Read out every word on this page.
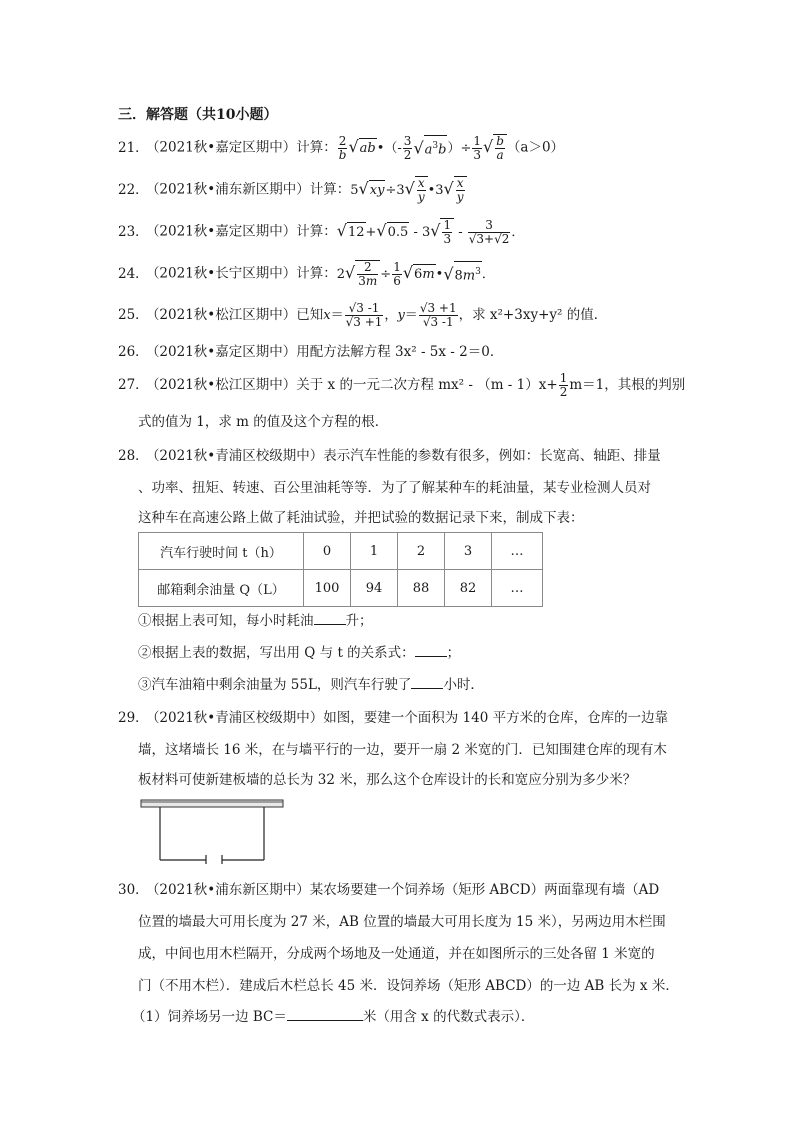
三．解答题（共10小题）
21． （2021秋•嘉定区期中）计算： $\frac{2}{b}$ √ab•（- $\frac{3}{2} √a^3b)\div \frac{1}{3}$ √ $\frac{b}{a} (a>0)$
22． （2021秋•浦东新区期中）计算：$5√xy\div 3√ \frac{x}{y}$ •3√ $\frac{x}{y}$
23． （2021秋•嘉定区期中）计算：$√12+√0.5 - 3√ \frac{1}{3} - \frac{3}{√3+√2}$ ．
24． （2021秋•长宁区期中）计算：$2√ \frac{2}{3m} \div \frac{1}{6}$ $√6m•√8m^3$．
25． （2021秋•松江区期中）已知$x= \frac{√3 -1}{√3 +1}$ ，$y= \frac{√3 +1}{√3 -1}$ ，求 x²+3xy+y² 的值．
26． （2021秋•嘉定区期中）用配方法解方程 3x² - 5x - 2＝0．
27． （2021秋•松江区期中）关于 x 的一元二次方程 $mx^2 - (m - 1)x+ \frac{1}{2} m=1$，其根的判别
式的值为 1，求 m 的值及这个方程的根．
28． （2021秋•青浦区校级期中）表示汽车性能的参数有很多，例如：长宽高、轴距、排量
、功率、扭矩、转速、百公里油耗等等．为了了解某种车的耗油量，某专业检测人员对
这种车在高速公路上做了耗油试验，并把试验的数据记录下来，制成下表：
汽车行驶时间 t（h）	0	1	2	3	…
邮箱剩余油量 Q（L）	100	94	88	82	…
①根据上表可知，每小时耗油 升；
②根据上表的数据，写出用 Q 与 t 的关系式： ；
③汽车油箱中剩余油量为 55L，则汽车行驶了 小时．
29． （2021秋•青浦区校级期中）如图，要建一个面积为 140 平方米的仓库，仓库的一边靠
墙，这堵墙长 16 米，在与墙平行的一边，要开一扇 2 米宽的门．已知围建仓库的现有木
板材料可使新建板墙的总长为 32 米，那么这个仓库设计的长和宽应分别为多少米？
30． （2021秋•浦东新区期中）某农场要建一个饲养场（矩形 ABCD）两面靠现有墙（AD
位置的墙最大可用长度为 27 米，AB 位置的墙最大可用长度为 15 米），另两边用木栏围
成，中间也用木栏隔开，分成两个场地及一处通道，并在如图所示的三处各留 1 米宽的
门（不用木栏）．建成后木栏总长 45 米．设饲养场（矩形 ABCD）的一边 AB 长为 x 米．
（1）饲养场另一边 BC＝	米（用含 x 的代数式表示）．
